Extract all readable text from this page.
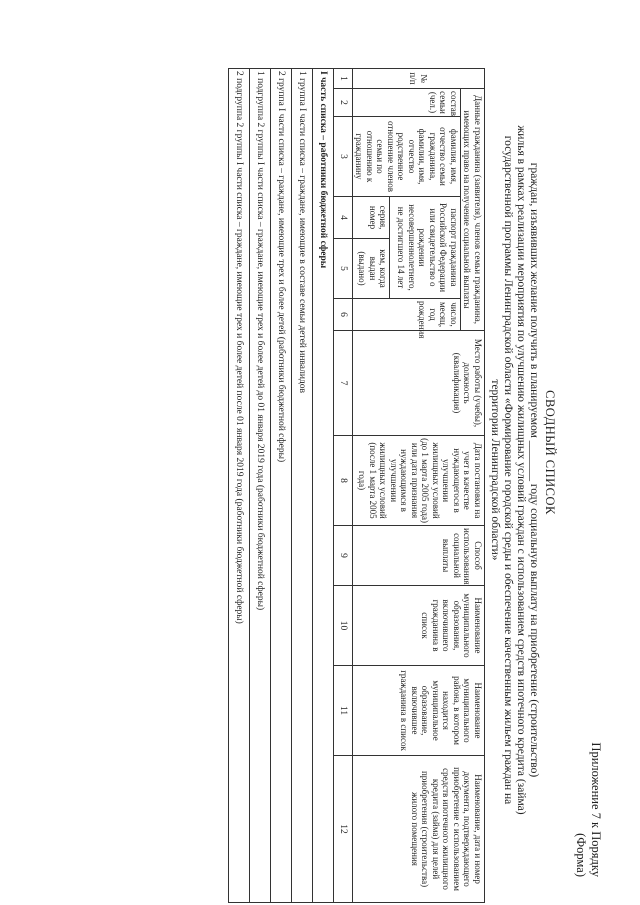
Приложение 7 к Порядку
(Форма)
СВОДНЫЙ СПИСОК
граждан, изъявивших желание получить в планируемом _______ году социальную выплату на приобретение (строительство)
жилья в рамках реализации мероприятия по улучшению жилищных условий граждан с использованием средств ипотечного кредита (займа)
государственной программы Ленинградской области «Формирование городской среды и обеспечение качественным жильем граждан на
территории Ленинградской области»
№ п/п	Данные гражданина (заявителя), членов семьи гражданина, имеющих право на получение социальной выплаты					Место работы (учебы), должность (квалификация)	Дата постановки на учет в качестве нуждающегося в улучшении жилищных условий (до 1 марта 2005 года) или дата признания нуждающимся в улучшении жилищных условий (после 1 марта 2005 года)	Способ использования социальной выплаты	Наименование муниципального образования, включившего гражданина в список	Наименование муниципального района, в котором находится муниципальное образование, включившее гражданина в список	Наименование, дата и номер документа, подтверждающего приобретение с использованием средств ипотечного жилищного кредита (займа) для целей приобретения (строительства) жилого помещения
	состав семьи (чел.)	фамилия, имя, отчество семьи гражданина, фамилии, имя, отчество родственное отношение членов семьи по отношению к гражданину	паспорт гражданина Российской Федерации или свидетельство о рождении несовершеннолетнего, не достигшего 14 лет		число, месяц, год рождения						
			серия, номер	кем, когда выдан (выдано)							
1	2	3	4	5	6	7	8	9	10	11	12
I часть списка – работники бюджетной сферы											
1 группа I части списка – граждане, имеющие в составе семьи детей инвалидов											
2 группа I части списка – граждане, имеющие трех и более детей (работники бюджетной сферы)											
1 подгруппа 2 группы I части списка – граждане, имеющие трех и более детей до 01 января 2019 года (работники бюджетной сферы)											
2 подгруппа 2 группы I части списка – граждане, имеющие трех и более детей после 01 января 2019 года (работники бюджетной сферы)											
